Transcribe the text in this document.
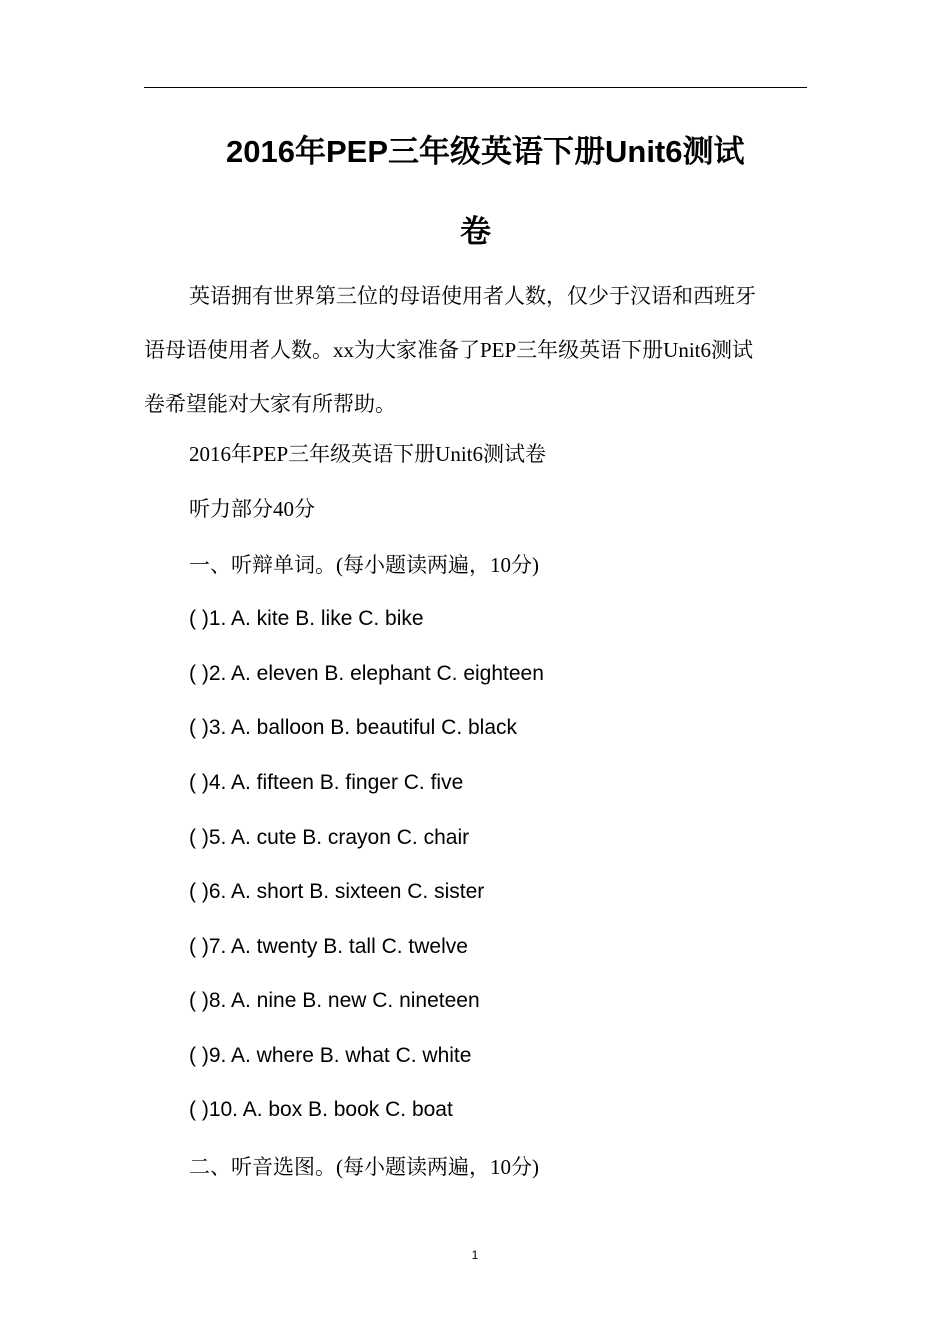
2016年PEP三年级英语下册Unit6测试
卷

英语拥有世界第三位的母语使用者人数，仅少于汉语和西班牙
语母语使用者人数。xx为大家准备了PEP三年级英语下册Unit6测试
卷希望能对大家有所帮助。

2016年PEP三年级英语下册Unit6测试卷

听力部分40分

一、听辩单词。(每小题读两遍，10分)

( )1. A. kite B. like C. bike

( )2. A. eleven B. elephant C. eighteen

( )3. A. balloon B. beautiful C. black

( )4. A. fifteen B. finger C. five

( )5. A. cute B. crayon C. chair

( )6. A. short B. sixteen C. sister

( )7. A. twenty B. tall C. twelve

( )8. A. nine B. new C. nineteen

( )9. A. where B. what C. white

( )10. A. box B. book C. boat

二、听音选图。(每小题读两遍，10分)

1
